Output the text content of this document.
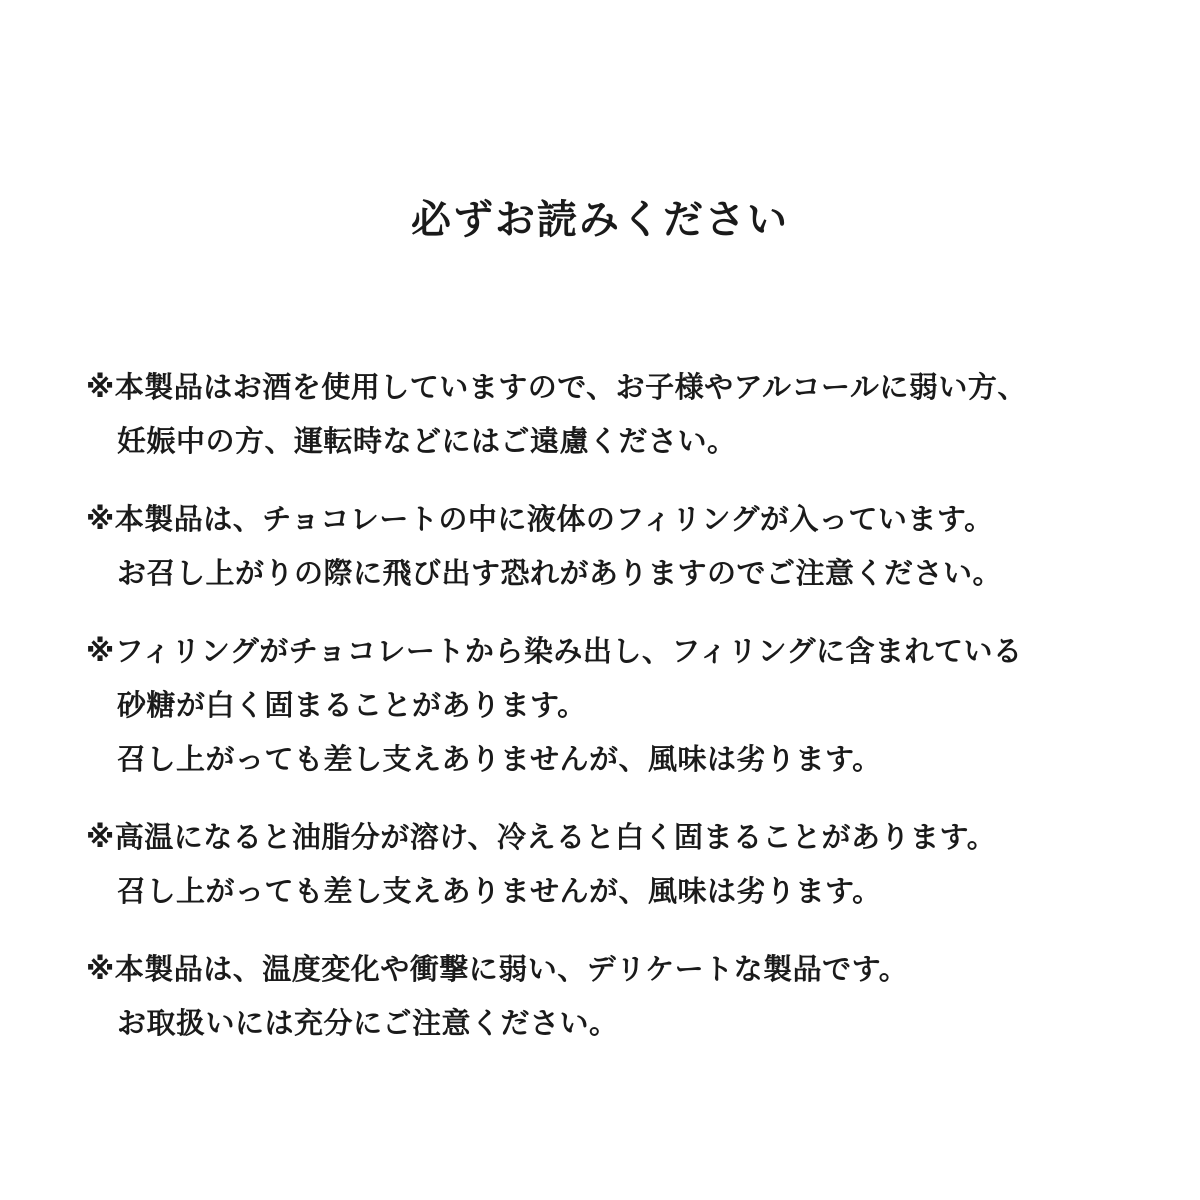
必ずお読みください
※本製品はお酒を使用していますので、お子様やアルコールに弱い方、
妊娠中の方、運転時などにはご遠慮ください。
※本製品は、チョコレートの中に液体のフィリングが入っています。
お召し上がりの際に飛び出す恐れがありますのでご注意ください。
※フィリングがチョコレートから染み出し、フィリングに含まれている
砂糖が白く固まることがあります。
召し上がっても差し支えありませんが、風味は劣ります。
※高温になると油脂分が溶け、冷えると白く固まることがあります。
召し上がっても差し支えありませんが、風味は劣ります。
※本製品は、温度変化や衝撃に弱い、デリケートな製品です。
お取扱いには充分にご注意ください。
